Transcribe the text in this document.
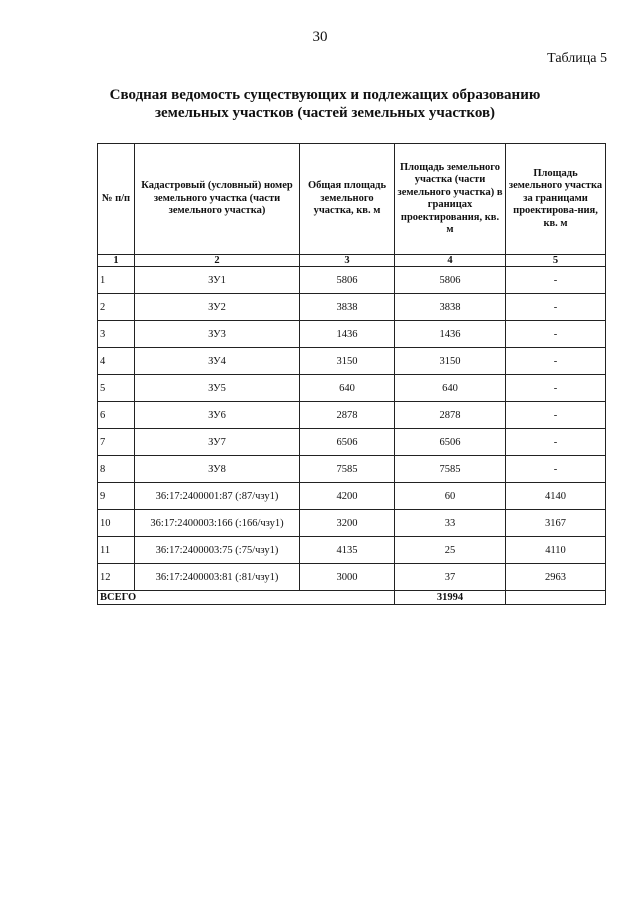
30
Таблица 5
Сводная ведомость существующих и подлежащих образованию
земельных участков (частей земельных участков)
№ п/п	Кадастровый (условный) номер земельного участка (части земельного участка)	Общая площадь земельного участка, кв. м	Площадь земельного участка (части земельного участка) в границах проектирования, кв. м	Площадь земельного участка за границами проектирова-ния, кв. м
1	2	3	4	5
1	ЗУ1	5806	5806	-
2	ЗУ2	3838	3838	-
3	ЗУ3	1436	1436	-
4	ЗУ4	3150	3150	-
5	ЗУ5	640	640	-
6	ЗУ6	2878	2878	-
7	ЗУ7	6506	6506	-
8	ЗУ8	7585	7585	-
9	36:17:2400001:87 (:87/чзу1)	4200	60	4140
10	36:17:2400003:166 (:166/чзу1)	3200	33	3167
11	36:17:2400003:75 (:75/чзу1)	4135	25	4110
12	36:17:2400003:81 (:81/чзу1)	3000	37	2963
ВСЕГО			31994	
